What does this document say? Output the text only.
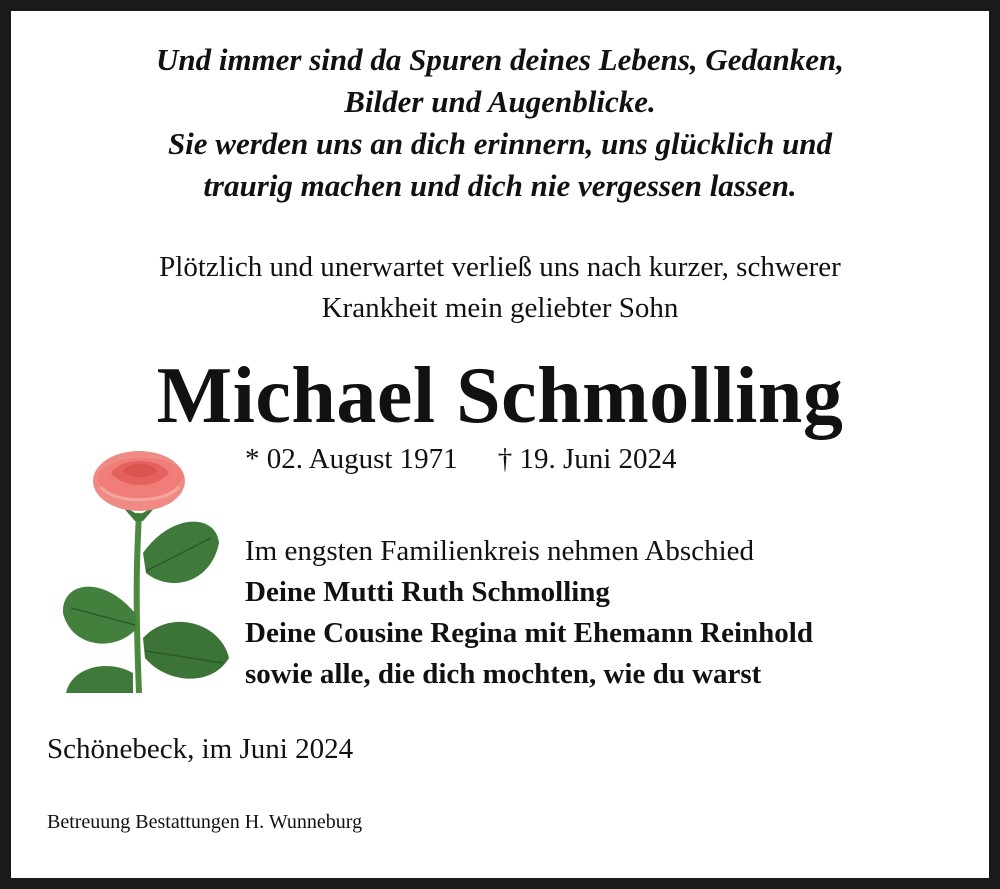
Und immer sind da Spuren deines Lebens, Gedanken,
Bilder und Augenblicke.
Sie werden uns an dich erinnern, uns glücklich und
traurig machen und dich nie vergessen lassen.
Plötzlich und unerwartet verließ uns nach kurzer, schwerer
Krankheit mein geliebter Sohn
Michael Schmolling
* 02. August 1971 † 19. Juni 2024
Im engsten Familienkreis nehmen Abschied
Deine Mutti Ruth Schmolling
Deine Cousine Regina mit Ehemann Reinhold
sowie alle, die dich mochten, wie du warst
Schönebeck, im Juni 2024
Betreuung Bestattungen H. Wunneburg
